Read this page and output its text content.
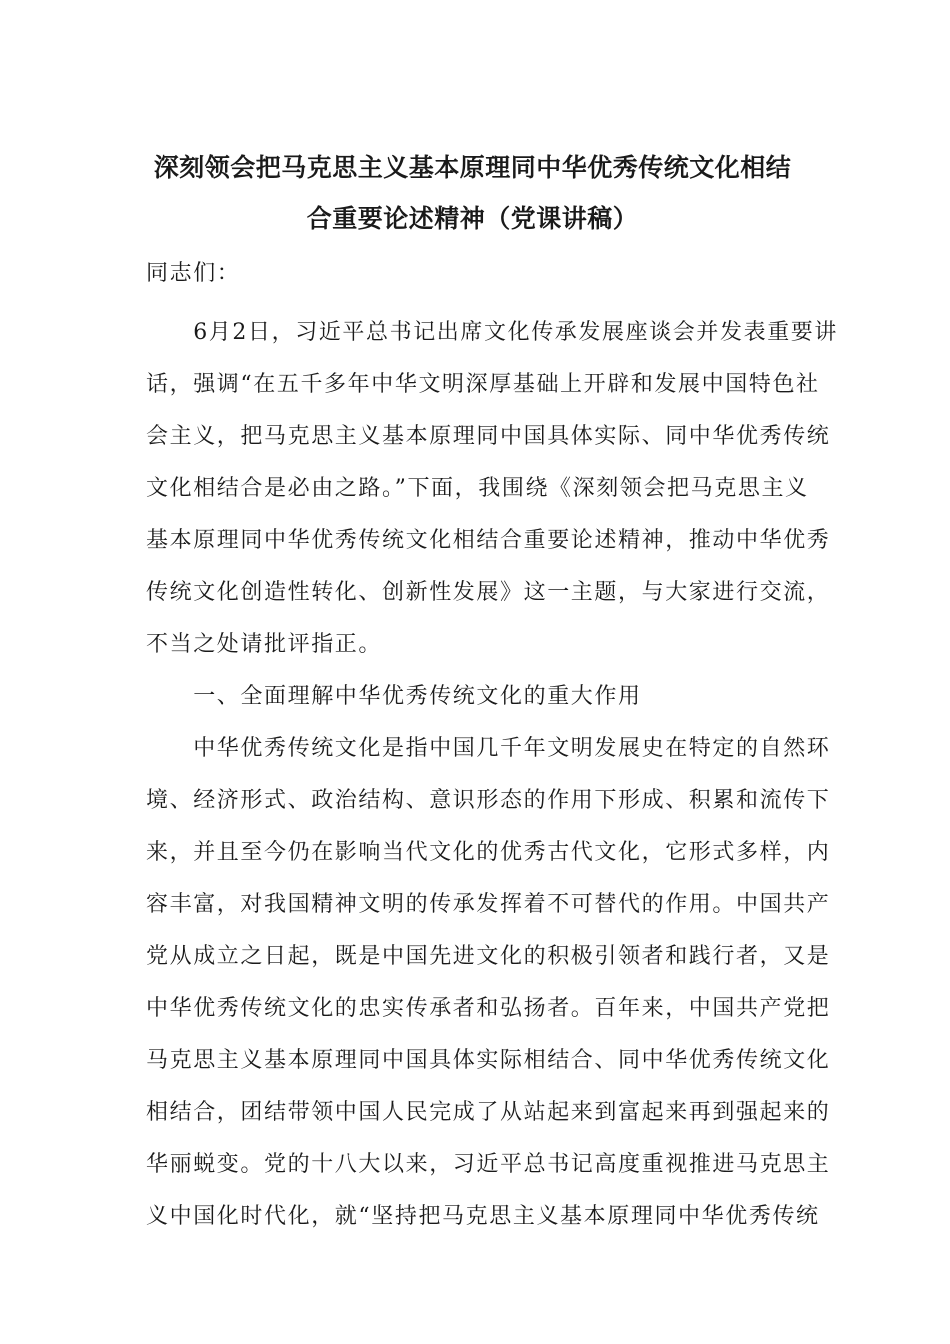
深刻领会把马克思主义基本原理同中华优秀传统文化相结
合重要论述精神（党课讲稿）
同志们：
　　6月2日，习近平总书记出席文化传承发展座谈会并发表重要讲
话，强调“在五千多年中华文明深厚基础上开辟和发展中国特色社
会主义，把马克思主义基本原理同中国具体实际、同中华优秀传统
文化相结合是必由之路。”下面，我围绕《深刻领会把马克思主义
基本原理同中华优秀传统文化相结合重要论述精神，推动中华优秀
传统文化创造性转化、创新性发展》这一主题，与大家进行交流，
不当之处请批评指正。
　　一、全面理解中华优秀传统文化的重大作用
　　中华优秀传统文化是指中国几千年文明发展史在特定的自然环
境、经济形式、政治结构、意识形态的作用下形成、积累和流传下
来，并且至今仍在影响当代文化的优秀古代文化，它形式多样，内
容丰富，对我国精神文明的传承发挥着不可替代的作用。中国共产
党从成立之日起，既是中国先进文化的积极引领者和践行者，又是
中华优秀传统文化的忠实传承者和弘扬者。百年来，中国共产党把
马克思主义基本原理同中国具体实际相结合、同中华优秀传统文化
相结合，团结带领中国人民完成了从站起来到富起来再到强起来的
华丽蜕变。党的十八大以来，习近平总书记高度重视推进马克思主
义中国化时代化，就“坚持把马克思主义基本原理同中华优秀传统
